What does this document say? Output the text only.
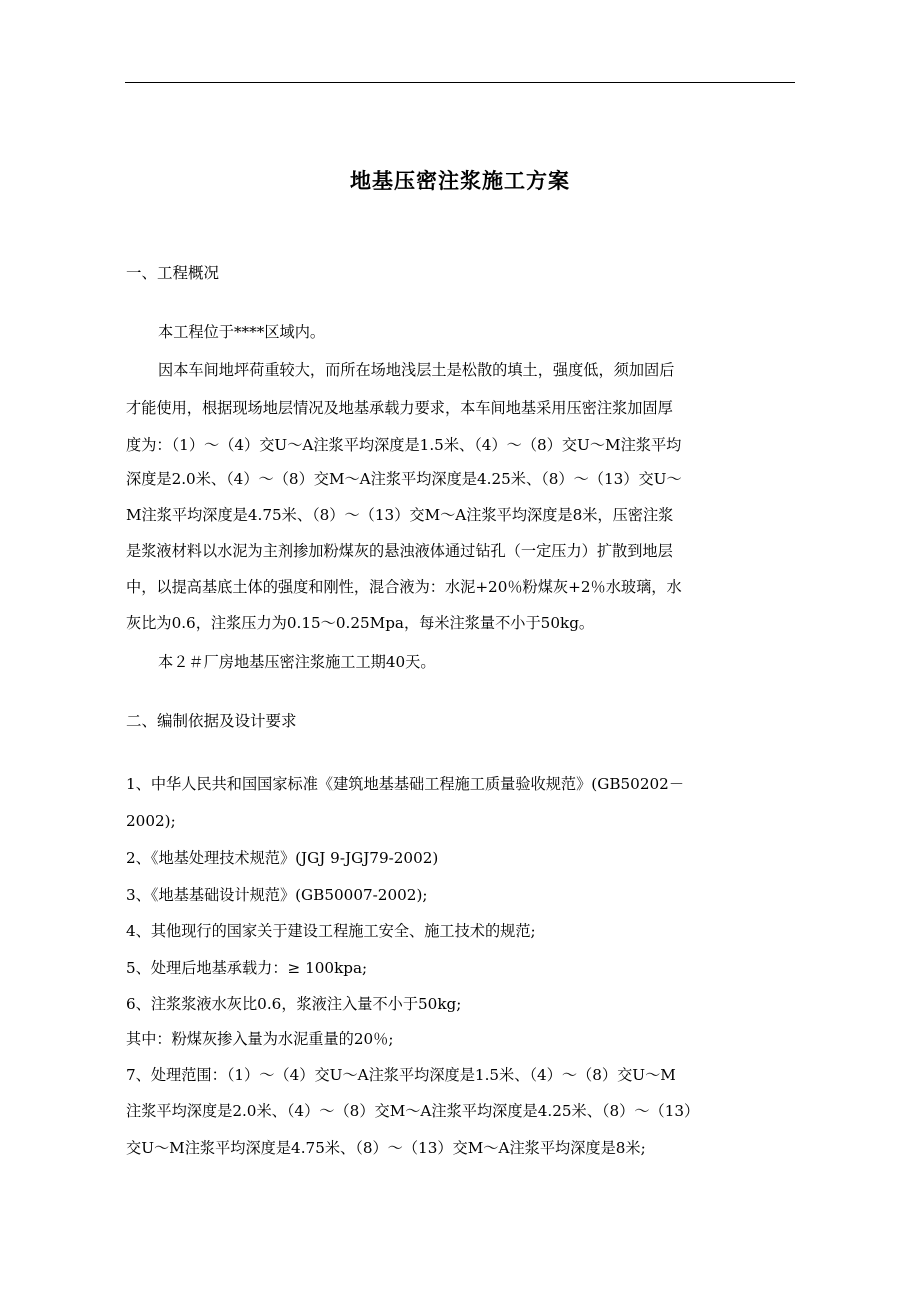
地基压密注浆施工方案
一、工程概况
本工程位于****区域内。
因本车间地坪荷重较大，而所在场地浅层土是松散的填土，强度低，须加固后
才能使用，根据现场地层情况及地基承载力要求，本车间地基采用压密注浆加固厚
度为：（1）～（4）交U～A注浆平均深度是1.5米、（4）～（8）交U～M注浆平均
深度是2.0米、（4）～（8）交M～A注浆平均深度是4.25米、（8）～（13）交U～
M注浆平均深度是4.75米、（8）～（13）交M～A注浆平均深度是8米，压密注浆
是浆液材料以水泥为主剂掺加粉煤灰的悬浊液体通过钻孔（一定压力）扩散到地层
中，以提高基底土体的强度和刚性，混合液为：水泥+20％粉煤灰+2％水玻璃，水
灰比为0.6，注浆压力为0.15～0.25Mpa，每米注浆量不小于50kg。
本２＃厂房地基压密注浆施工工期40天。
二、编制依据及设计要求
1、中华人民共和国国家标准《建筑地基基础工程施工质量验收规范》(GB50202－
2002);
2、《地基处理技术规范》(JGJ 9-JGJ79-2002)
3、《地基基础设计规范》(GB50007-2002);
4、其他现行的国家关于建设工程施工安全、施工技术的规范;
5、处理后地基承载力：≥ 100kpa;
6、注浆浆液水灰比0.6，浆液注入量不小于50kg;
其中：粉煤灰掺入量为水泥重量的20％;
7、处理范围：（1）～（4）交U～A注浆平均深度是1.5米、（4）～（8）交U～M
注浆平均深度是2.0米、（4）～（8）交M～A注浆平均深度是4.25米、（8）～（13）
交U～M注浆平均深度是4.75米、（8）～（13）交M～A注浆平均深度是8米;
